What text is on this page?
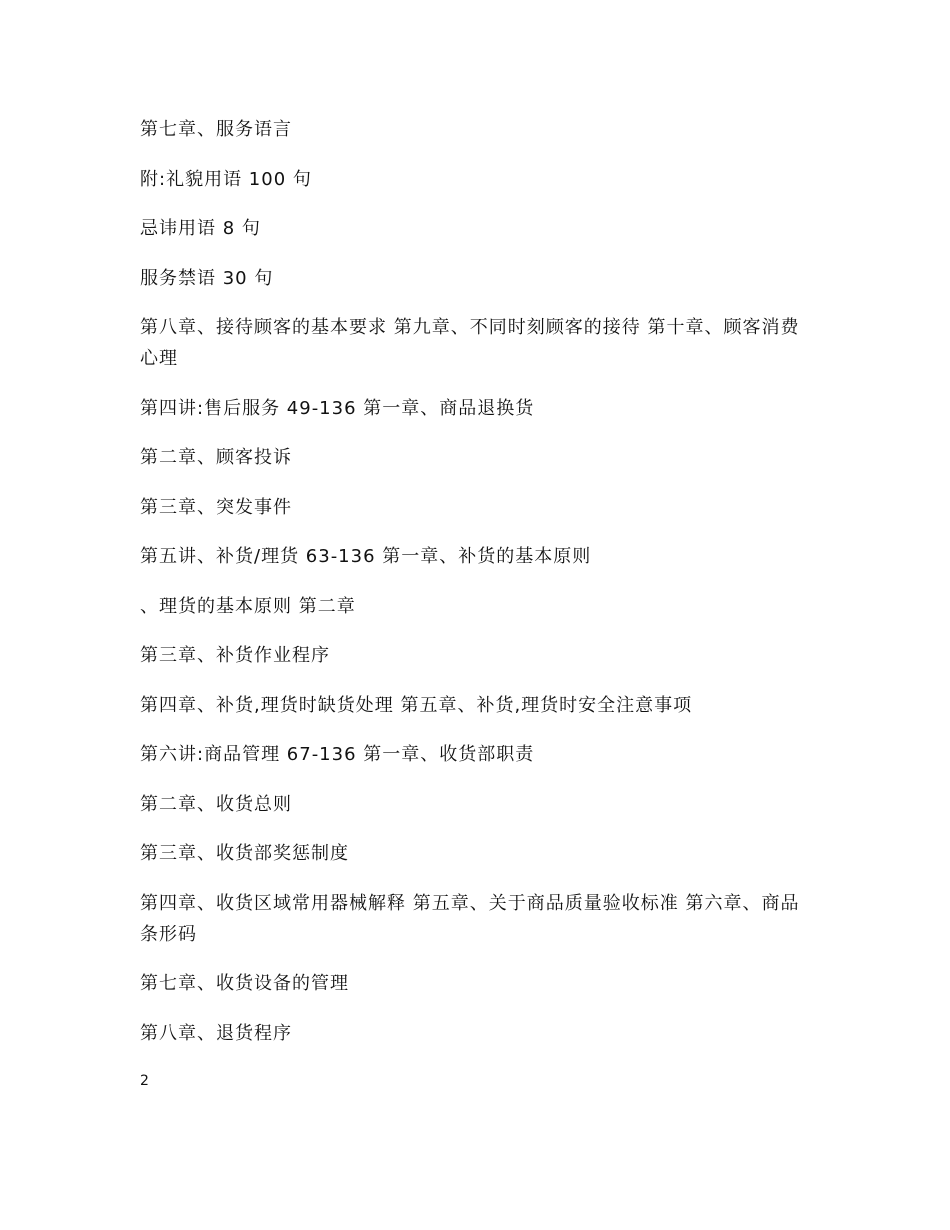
第七章、服务语言

附:礼貌用语 100 句

忌讳用语 8 句

服务禁语 30 句

第八章、接待顾客的基本要求 第九章、不同时刻顾客的接待 第十章、顾客消费心理

第四讲:售后服务 49-136 第一章、商品退换货

第二章、顾客投诉

第三章、突发事件

第五讲、补货/理货 63-136 第一章、补货的基本原则

、理货的基本原则 第二章

第三章、补货作业程序

第四章、补货,理货时缺货处理 第五章、补货,理货时安全注意事项

第六讲:商品管理 67-136 第一章、收货部职责

第二章、收货总则

第三章、收货部奖惩制度

第四章、收货区域常用器械解释 第五章、关于商品质量验收标准 第六章、商品条形码

第七章、收货设备的管理

第八章、退货程序

2
